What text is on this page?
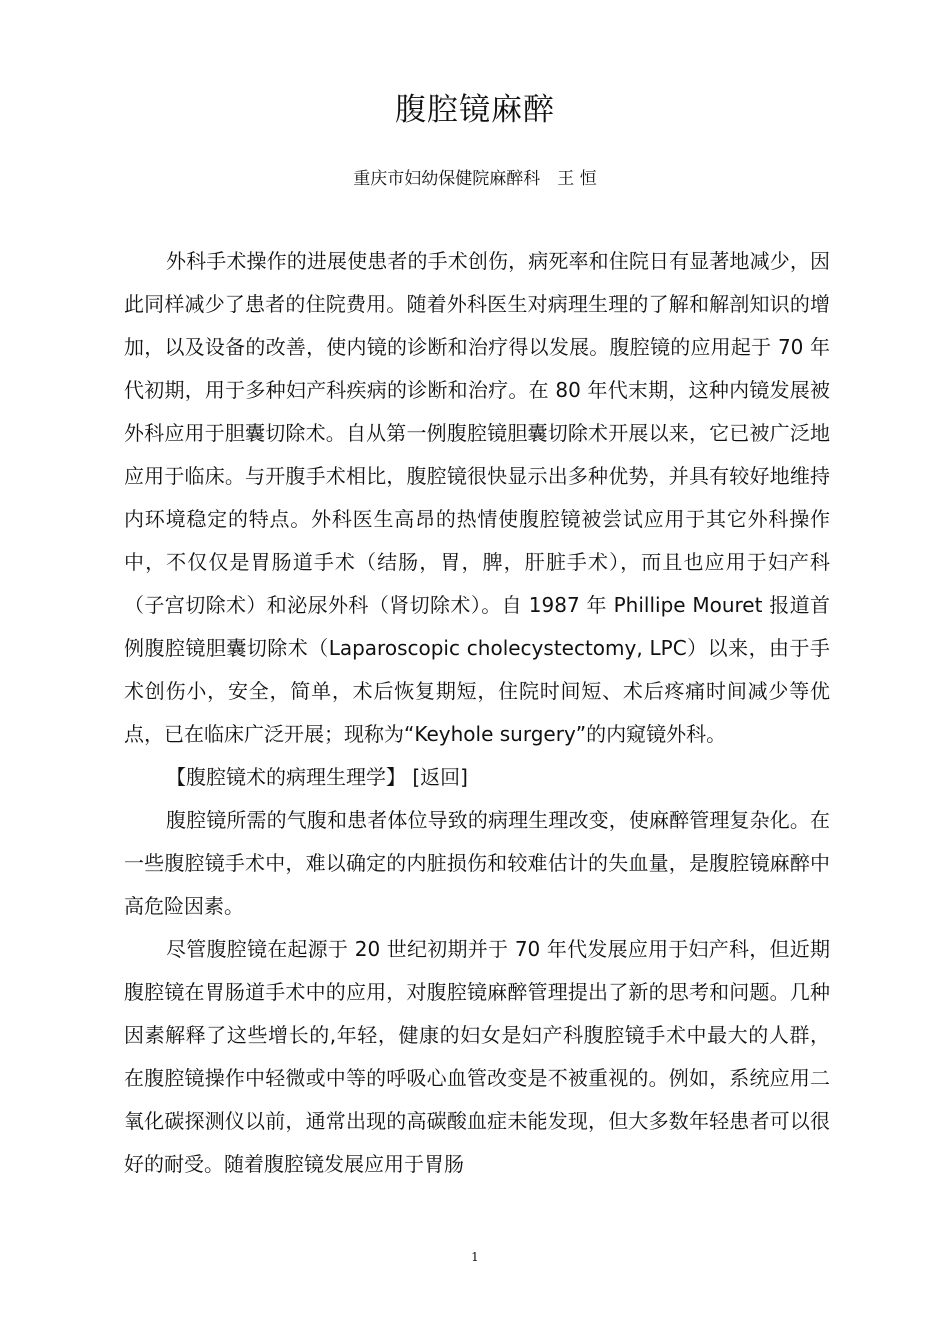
腹腔镜麻醉
重庆市妇幼保健院麻醉科　王 恒

外科手术操作的进展使患者的手术创伤，病死率和住院日有显著地减少，因此同样减少了患者的住院费用。随着外科医生对病理生理的了解和解剖知识的增加，以及设备的改善，使内镜的诊断和治疗得以发展。腹腔镜的应用起于 70 年代初期，用于多种妇产科疾病的诊断和治疗。在 80 年代末期，这种内镜发展被外科应用于胆囊切除术。自从第一例腹腔镜胆囊切除术开展以来，它已被广泛地应用于临床。与开腹手术相比，腹腔镜很快显示出多种优势，并具有较好地维持内环境稳定的特点。外科医生高昂的热情使腹腔镜被尝试应用于其它外科操作中，不仅仅是胃肠道手术（结肠，胃，脾，肝脏手术），而且也应用于妇产科（子宫切除术）和泌尿外科（肾切除术）。自 1987 年 Phillipe Mouret 报道首例腹腔镜胆囊切除术（Laparoscopic cholecystectomy, LPC）以来，由于手术创伤小，安全，简单，术后恢复期短，住院时间短、术后疼痛时间减少等优点，已在临床广泛开展；现称为“Keyhole surgery”的内窥镜外科。

【腹腔镜术的病理生理学】 [返回]

腹腔镜所需的气腹和患者体位导致的病理生理改变，使麻醉管理复杂化。在一些腹腔镜手术中，难以确定的内脏损伤和较难估计的失血量，是腹腔镜麻醉中高危险因素。

尽管腹腔镜在起源于 20 世纪初期并于 70 年代发展应用于妇产科，但近期腹腔镜在胃肠道手术中的应用，对腹腔镜麻醉管理提出了新的思考和问题。几种因素解释了这些增长的,年轻，健康的妇女是妇产科腹腔镜手术中最大的人群，在腹腔镜操作中轻微或中等的呼吸心血管改变是不被重视的。例如，系统应用二氧化碳探测仪以前，通常出现的高碳酸血症未能发现，但大多数年轻患者可以很好的耐受。随着腹腔镜发展应用于胃肠

1
